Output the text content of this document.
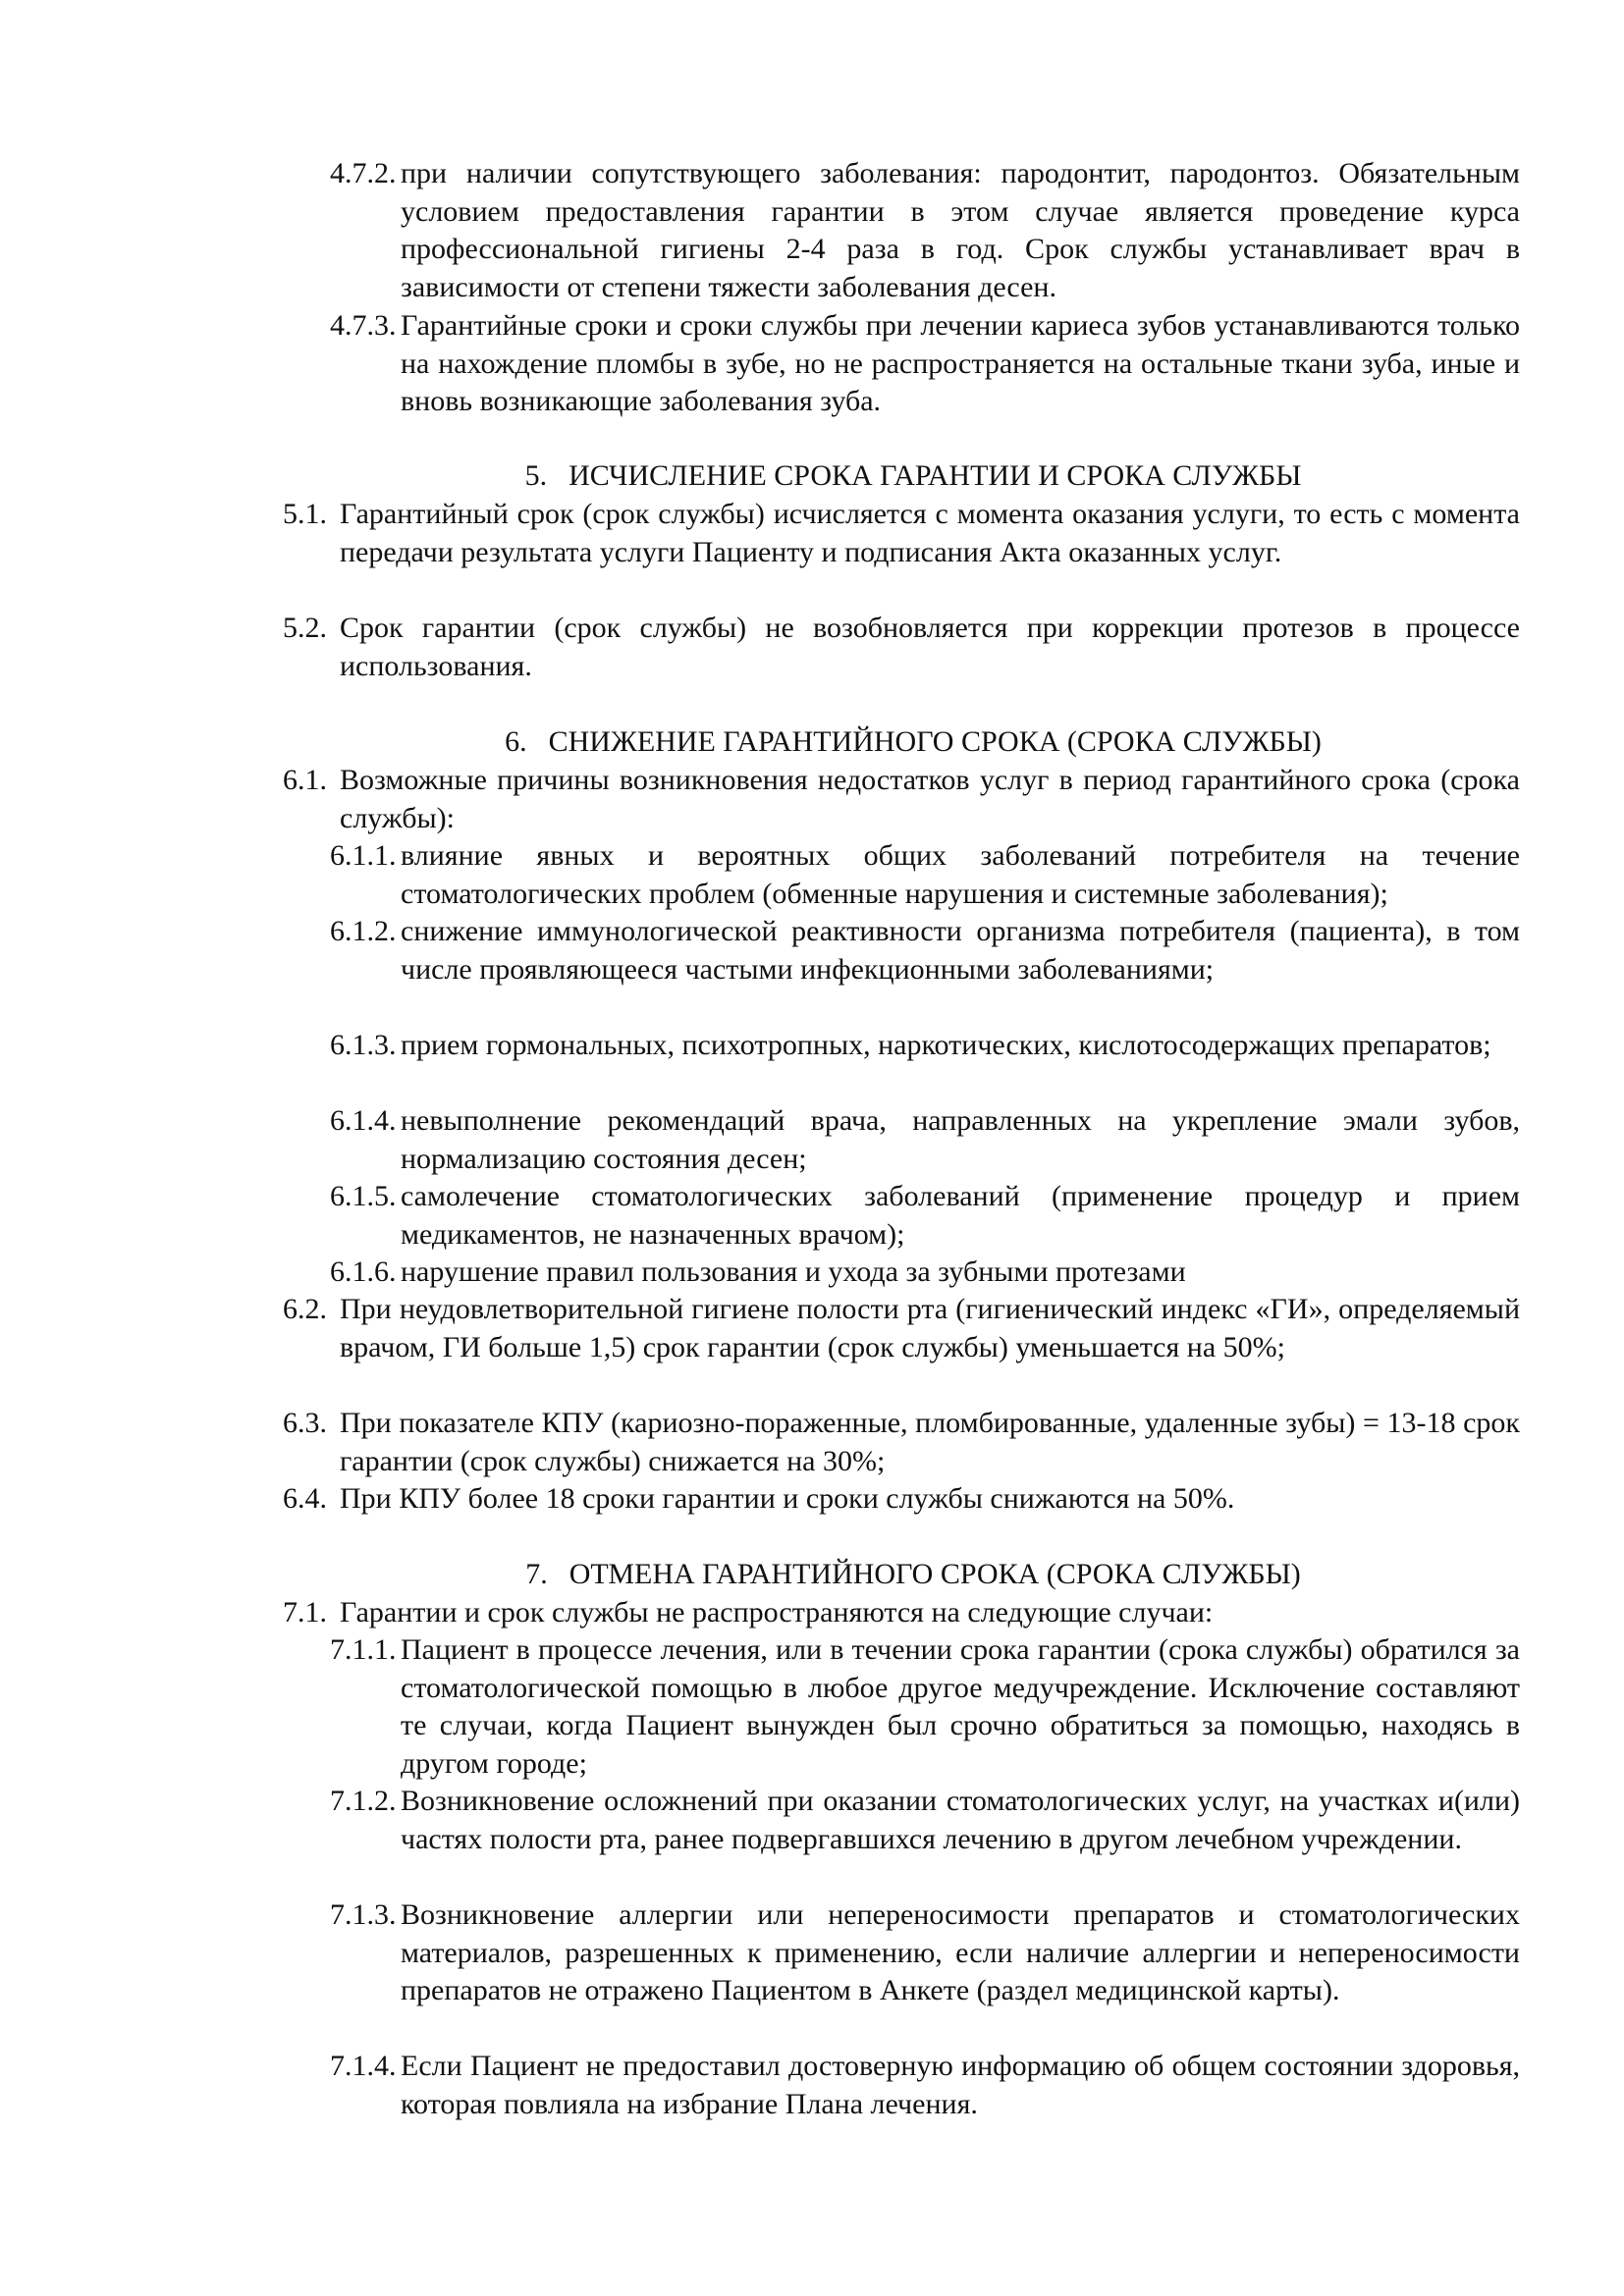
4.7.2. при наличии сопутствующего заболевания: пародонтит, пародонтоз. Обязательным условием предоставления гарантии в этом случае является проведение курса профессиональной гигиены 2-4 раза в год. Срок службы устанавливает врач в зависимости от степени тяжести заболевания десен.
4.7.3. Гарантийные сроки и сроки службы при лечении кариеса зубов устанавливаются только на нахождение пломбы в зубе, но не распространяется на остальные ткани зуба, иные и вновь возникающие заболевания зуба.
5. ИСЧИСЛЕНИЕ СРОКА ГАРАНТИИ И СРОКА СЛУЖБЫ
5.1. Гарантийный срок (срок службы) исчисляется с момента оказания услуги, то есть с момента передачи результата услуги Пациенту и подписания Акта оказанных услуг.
5.2. Срок гарантии (срок службы) не возобновляется при коррекции протезов в процессе использования.
6. СНИЖЕНИЕ ГАРАНТИЙНОГО СРОКА (СРОКА СЛУЖБЫ)
6.1. Возможные причины возникновения недостатков услуг в период гарантийного срока (срока службы):
6.1.1. влияние явных и вероятных общих заболеваний потребителя на течение стоматологических проблем (обменные нарушения и системные заболевания);
6.1.2. снижение иммунологической реактивности организма потребителя (пациента), в том числе проявляющееся частыми инфекционными заболеваниями;
6.1.3. прием гормональных, психотропных, наркотических, кислотосодержащих препаратов;
6.1.4. невыполнение рекомендаций врача, направленных на укрепление эмали зубов, нормализацию состояния десен;
6.1.5. самолечение стоматологических заболеваний (применение процедур и прием медикаментов, не назначенных врачом);
6.1.6. нарушение правил пользования и ухода за зубными протезами
6.2. При неудовлетворительной гигиене полости рта (гигиенический индекс «ГИ», определяемый врачом, ГИ больше 1,5) срок гарантии (срок службы) уменьшается на 50%;
6.3. При показателе КПУ (кариозно-пораженные, пломбированные, удаленные зубы) = 13-18 срок гарантии (срок службы) снижается на 30%;
6.4. При КПУ более 18 сроки гарантии и сроки службы снижаются на 50%.
7. ОТМЕНА ГАРАНТИЙНОГО СРОКА (СРОКА СЛУЖБЫ)
7.1. Гарантии и срок службы не распространяются на следующие случаи:
7.1.1. Пациент в процессе лечения, или в течении срока гарантии (срока службы) обратился за стоматологической помощью в любое другое медучреждение. Исключение составляют те случаи, когда Пациент вынужден был срочно обратиться за помощью, находясь в другом городе;
7.1.2. Возникновение осложнений при оказании стоматологических услуг, на участках и(или) частях полости рта, ранее подвергавшихся лечению в другом лечебном учреждении.
7.1.3. Возникновение аллергии или непереносимости препаратов и стоматологических материалов, разрешенных к применению, если наличие аллергии и непереносимости препаратов не отражено Пациентом в Анкете (раздел медицинской карты).
7.1.4. Если Пациент не предоставил достоверную информацию об общем состоянии здоровья, которая повлияла на избрание Плана лечения.
